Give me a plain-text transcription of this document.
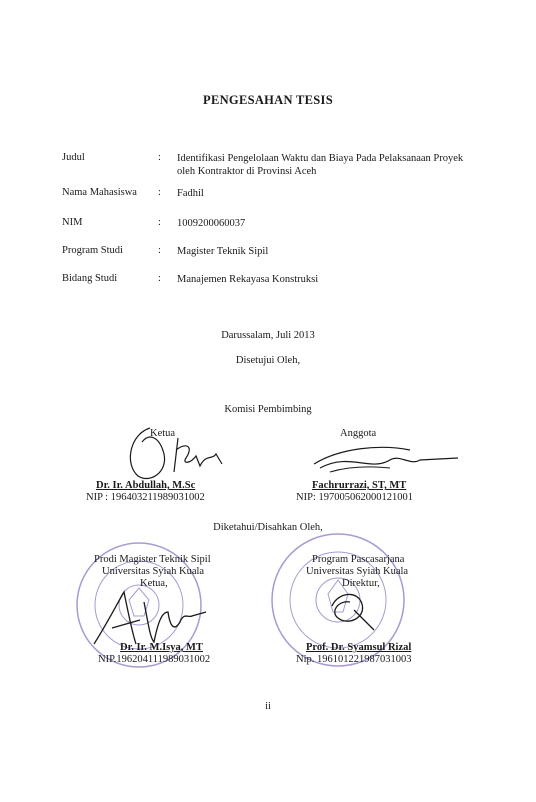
PENGESAHAN TESIS
Judul	: Identifikasi Pengelolaan Waktu dan Biaya Pada Pelaksanaan Proyek oleh Kontraktor di Provinsi Aceh
Nama Mahasiswa	: Fadhil
NIM	: 1009200060037
Program Studi	: Magister Teknik Sipil
Bidang Studi	: Manajemen Rekayasa Konstruksi
Darussalam, Juli 2013
Disetujui Oleh,
Komisi Pembimbing
Ketua
Dr. Ir. Abdullah, M.Sc
NIP : 196403211989031002
Anggota
Fachrurrazi, ST, MT
NIP: 197005062000121001
Diketahui/Disahkan Oleh,
Prodi Magister Teknik Sipil
Universitas Syiah Kuala
Ketua,
Dr. Ir. M.Isya, MT
NIP.196204111989031002
Program Pascasarjana
Universitas Syiah Kuala
Direktur,
Prof. Dr. Syamsul Rizal
Nip. 196101221987031003
ii
